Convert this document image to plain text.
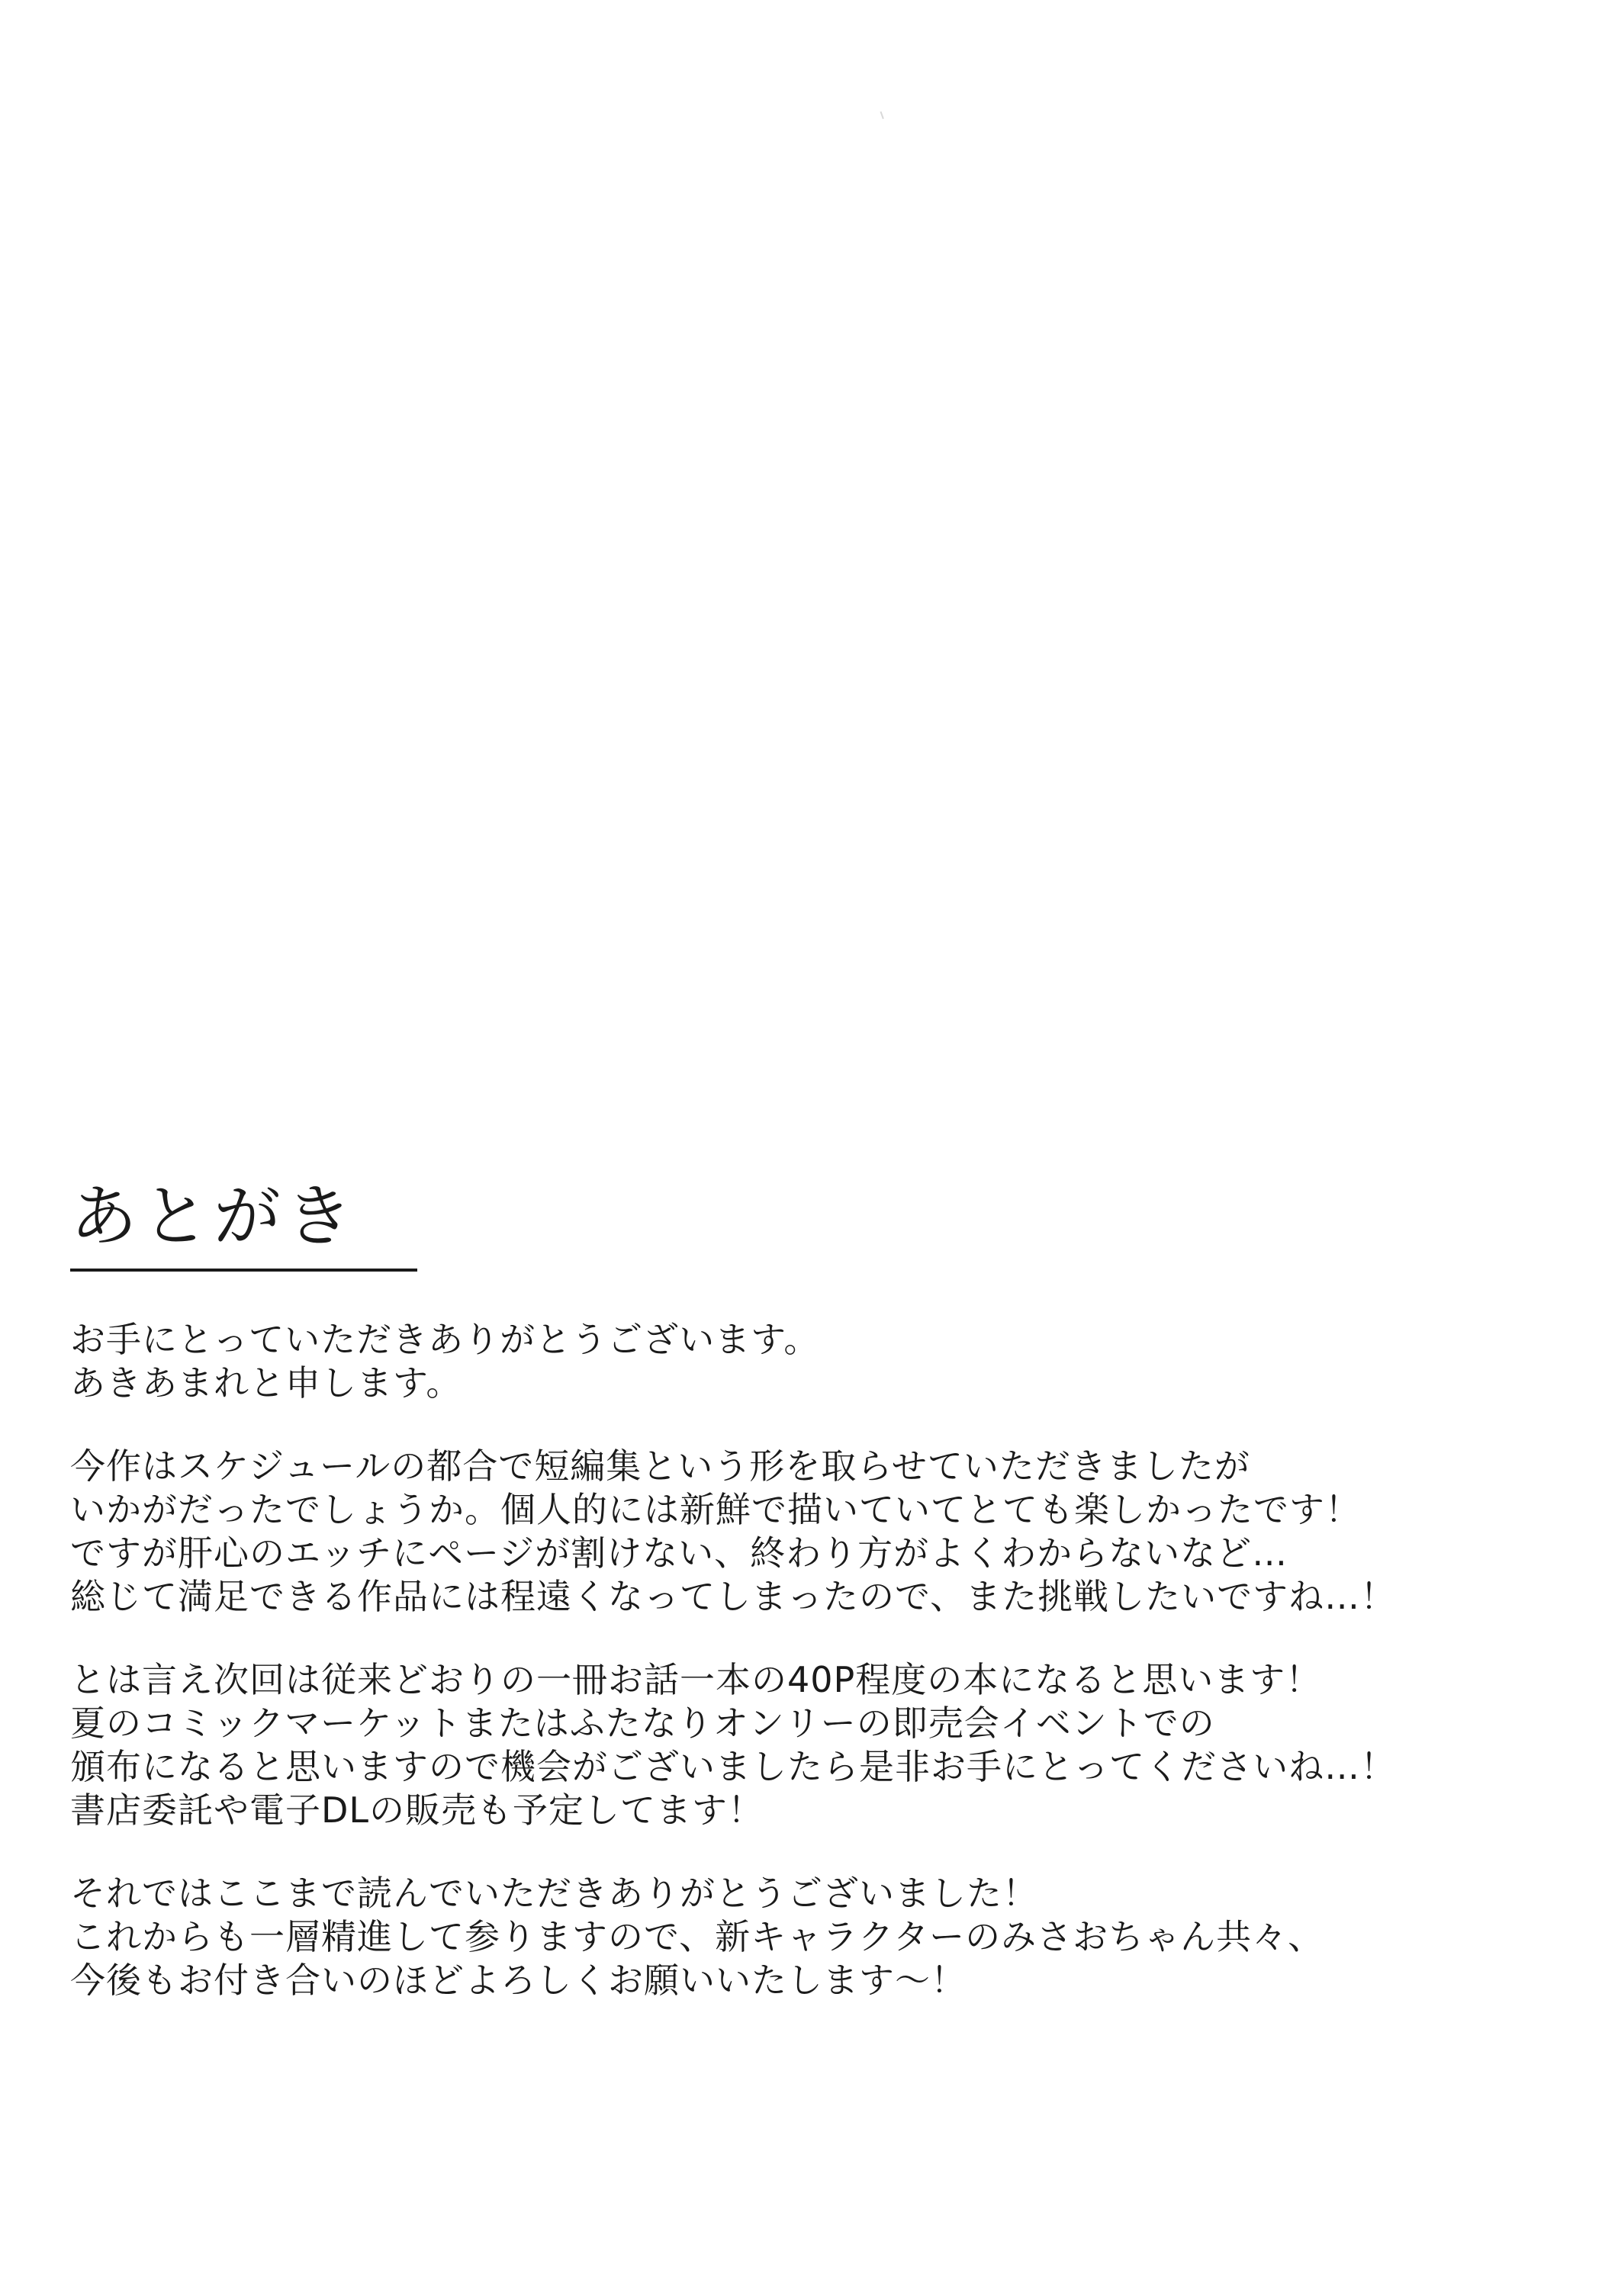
あとがき
お手にとっていただきありがとうございます。
あきあまれと申します。
今作はスケジュールの都合で短編集という形を取らせていただきましたが
いかがだったでしょうか。個人的には新鮮で描いていてとても楽しかったです！
ですが肝心のエッチにページが割けない、終わり方がよくわからないなど…
総じて満足できる作品には程遠くなってしまったので、また挑戦したいですね…！
とは言え次回は従来どおりの一冊お話一本の40P程度の本になると思います！
夏のコミックマーケットまたはふたなりオンリーの即売会イベントでの
頒布になると思いますので機会がございましたら是非お手にとってくださいね…！
書店委託や電子DLの販売も予定してます！
それではここまで読んでいただきありがとうございました！
これからも一層精進して参りますので、新キャラクターのみさおちゃん共々、
今後もお付き合いのほどよろしくお願いいたします～！
